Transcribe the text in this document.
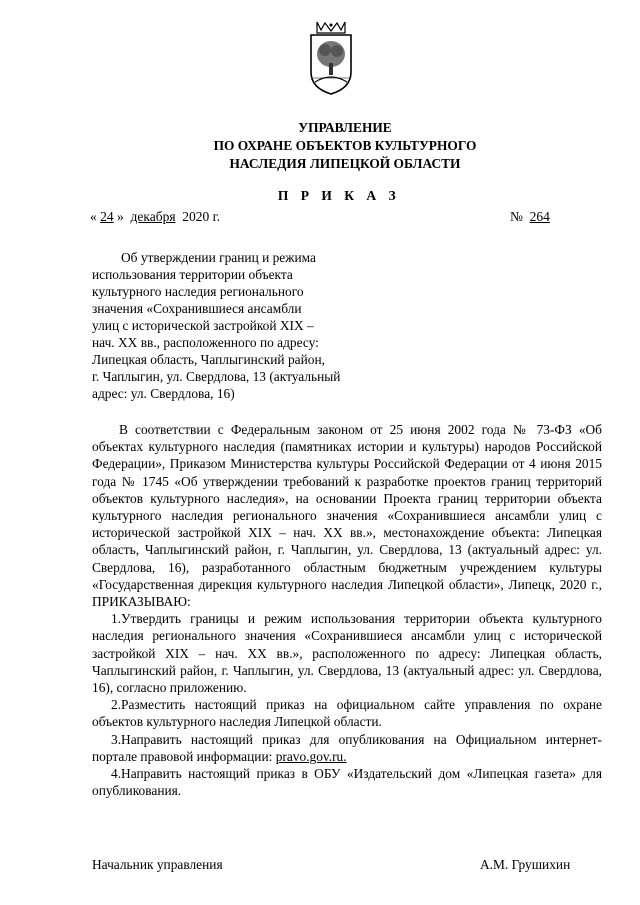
УПРАВЛЕНИЕ
ПО ОХРАНЕ ОБЪЕКТОВ КУЛЬТУРНОГО
НАСЛЕДИЯ ЛИПЕЦКОЙ ОБЛАСТИ
П Р И К А З
« 24 » декабря 2020 г.	№ 264
Об утверждении границ и режима
использования территории объекта
культурного наследия регионального
значения «Сохранившиеся ансамбли
улиц с исторической застройкой XIX –
нач. XX вв., расположенного по адресу:
Липецкая область, Чаплыгинский район,
г. Чаплыгин, ул. Свердлова, 13 (актуальный
адрес: ул. Свердлова, 16)

В соответствии с Федеральным законом от 25 июня 2002 года № 73-ФЗ «Об объектах культурного наследия (памятниках истории и культуры) народов Российской Федерации», Приказом Министерства культуры Российской Федерации от 4 июня 2015 года № 1745 «Об утверждении требований к разработке проектов границ территорий объектов культурного наследия», на основании Проекта границ территории объекта культурного наследия регионального значения «Сохранившиеся ансамбли улиц с исторической застройкой XIX – нач. XX вв.», местонахождение объекта: Липецкая область, Чаплыгинский район, г. Чаплыгин, ул. Свердлова, 13 (актуальный адрес: ул. Свердлова, 16), разработанного областным бюджетным учреждением культуры «Государственная дирекция культурного наследия Липецкой области», Липецк, 2020 г., ПРИКАЗЫВАЮ:

1.Утвердить границы и режим использования территории объекта культурного наследия регионального значения «Сохранившиеся ансамбли улиц с исторической застройкой XIX – нач. XX вв.», расположенного по адресу: Липецкая область, Чаплыгинский район, г. Чаплыгин, ул. Свердлова, 13 (актуальный адрес: ул. Свердлова, 16), согласно приложению.

2.Разместить настоящий приказ на официальном сайте управления по охране объектов культурного наследия Липецкой области.

3.Направить настоящий приказ для опубликования на Официальном интернет-портале правовой информации: pravo.gov.ru.

4.Направить настоящий приказ в ОБУ «Издательский дом «Липецкая газета» для опубликования.

Начальник управления	А.М. Грушихин
